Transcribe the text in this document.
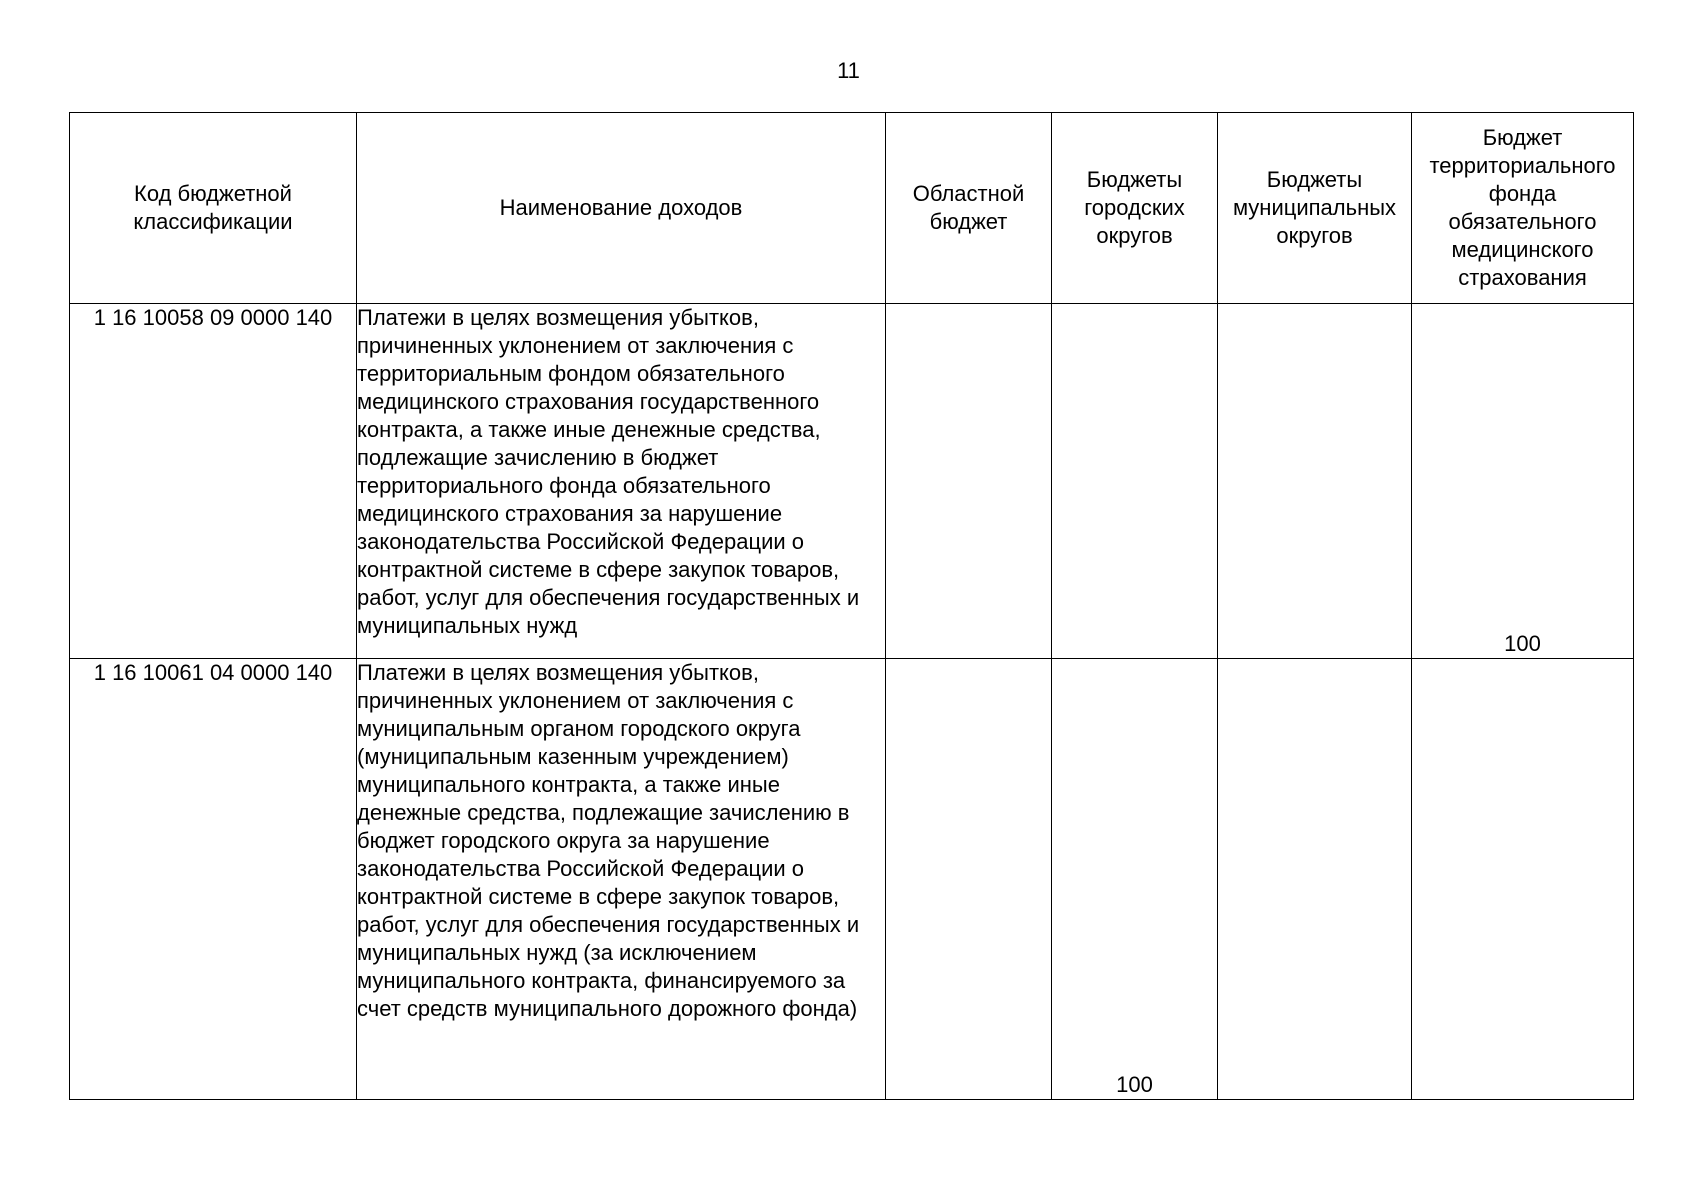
11
Код бюджетной классификации	Наименование доходов	Областной бюджет	Бюджеты городских округов	Бюджеты муниципальных округов	Бюджет территориального фонда обязательного медицинского страхования
1 16 10058 09 0000 140	Платежи в целях возмещения убытков, причиненных уклонением от заключения с территориальным фондом обязательного медицинского страхования государственного контракта, а также иные денежные средства, подлежащие зачислению в бюджет территориального фонда обязательного медицинского страхования за нарушение законодательства Российской Федерации о контрактной системе в сфере закупок товаров, работ, услуг для обеспечения государственных и муниципальных нужд				100
1 16 10061 04 0000 140	Платежи в целях возмещения убытков, причиненных уклонением от заключения с муниципальным органом городского округа (муниципальным казенным учреждением) муниципального контракта, а также иные денежные средства, подлежащие зачислению в бюджет городского округа за нарушение законодательства Российской Федерации о контрактной системе в сфере закупок товаров, работ, услуг для обеспечения государственных и муниципальных нужд (за исключением муниципального контракта, финансируемого за счет средств муниципального дорожного фонда)		100		
